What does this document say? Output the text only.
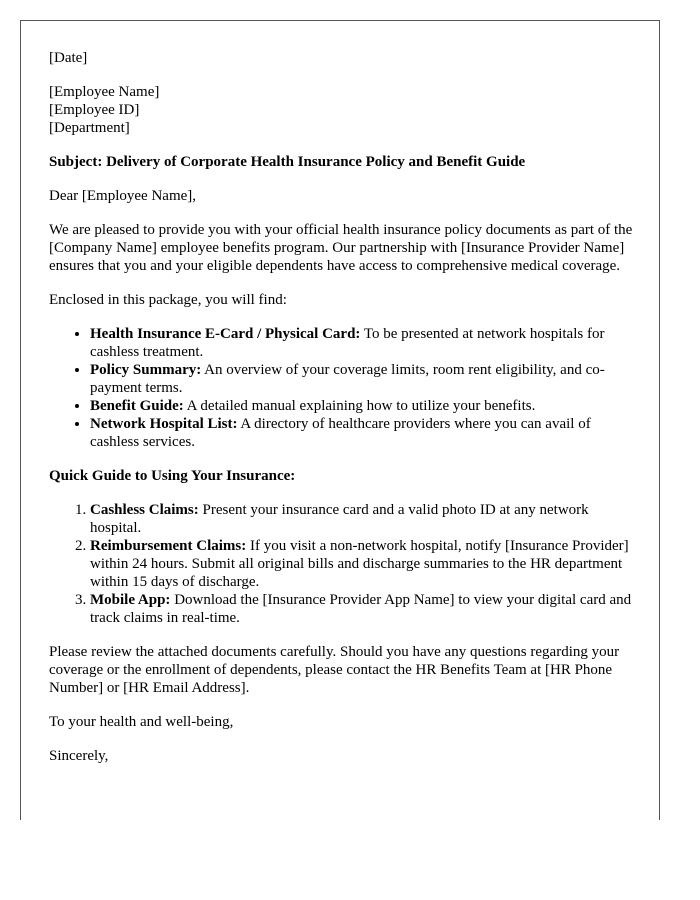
[Date]

[Employee Name]
[Employee ID]
[Department]

Subject: Delivery of Corporate Health Insurance Policy and Benefit Guide

Dear [Employee Name],

We are pleased to provide you with your official health insurance policy documents as part of the [Company Name] employee benefits program. Our partnership with [Insurance Provider Name] ensures that you and your eligible dependents have access to comprehensive medical coverage.

Enclosed in this package, you will find:

• Health Insurance E-Card / Physical Card: To be presented at network hospitals for cashless treatment.
• Policy Summary: An overview of your coverage limits, room rent eligibility, and co-payment terms.
• Benefit Guide: A detailed manual explaining how to utilize your benefits.
• Network Hospital List: A directory of healthcare providers where you can avail of cashless services.

Quick Guide to Using Your Insurance:

1. Cashless Claims: Present your insurance card and a valid photo ID at any network hospital.
2. Reimbursement Claims: If you visit a non-network hospital, notify [Insurance Provider] within 24 hours. Submit all original bills and discharge summaries to the HR department within 15 days of discharge.
3. Mobile App: Download the [Insurance Provider App Name] to view your digital card and track claims in real-time.

Please review the attached documents carefully. Should you have any questions regarding your coverage or the enrollment of dependents, please contact the HR Benefits Team at [HR Phone Number] or [HR Email Address].

To your health and well-being,

Sincerely,
